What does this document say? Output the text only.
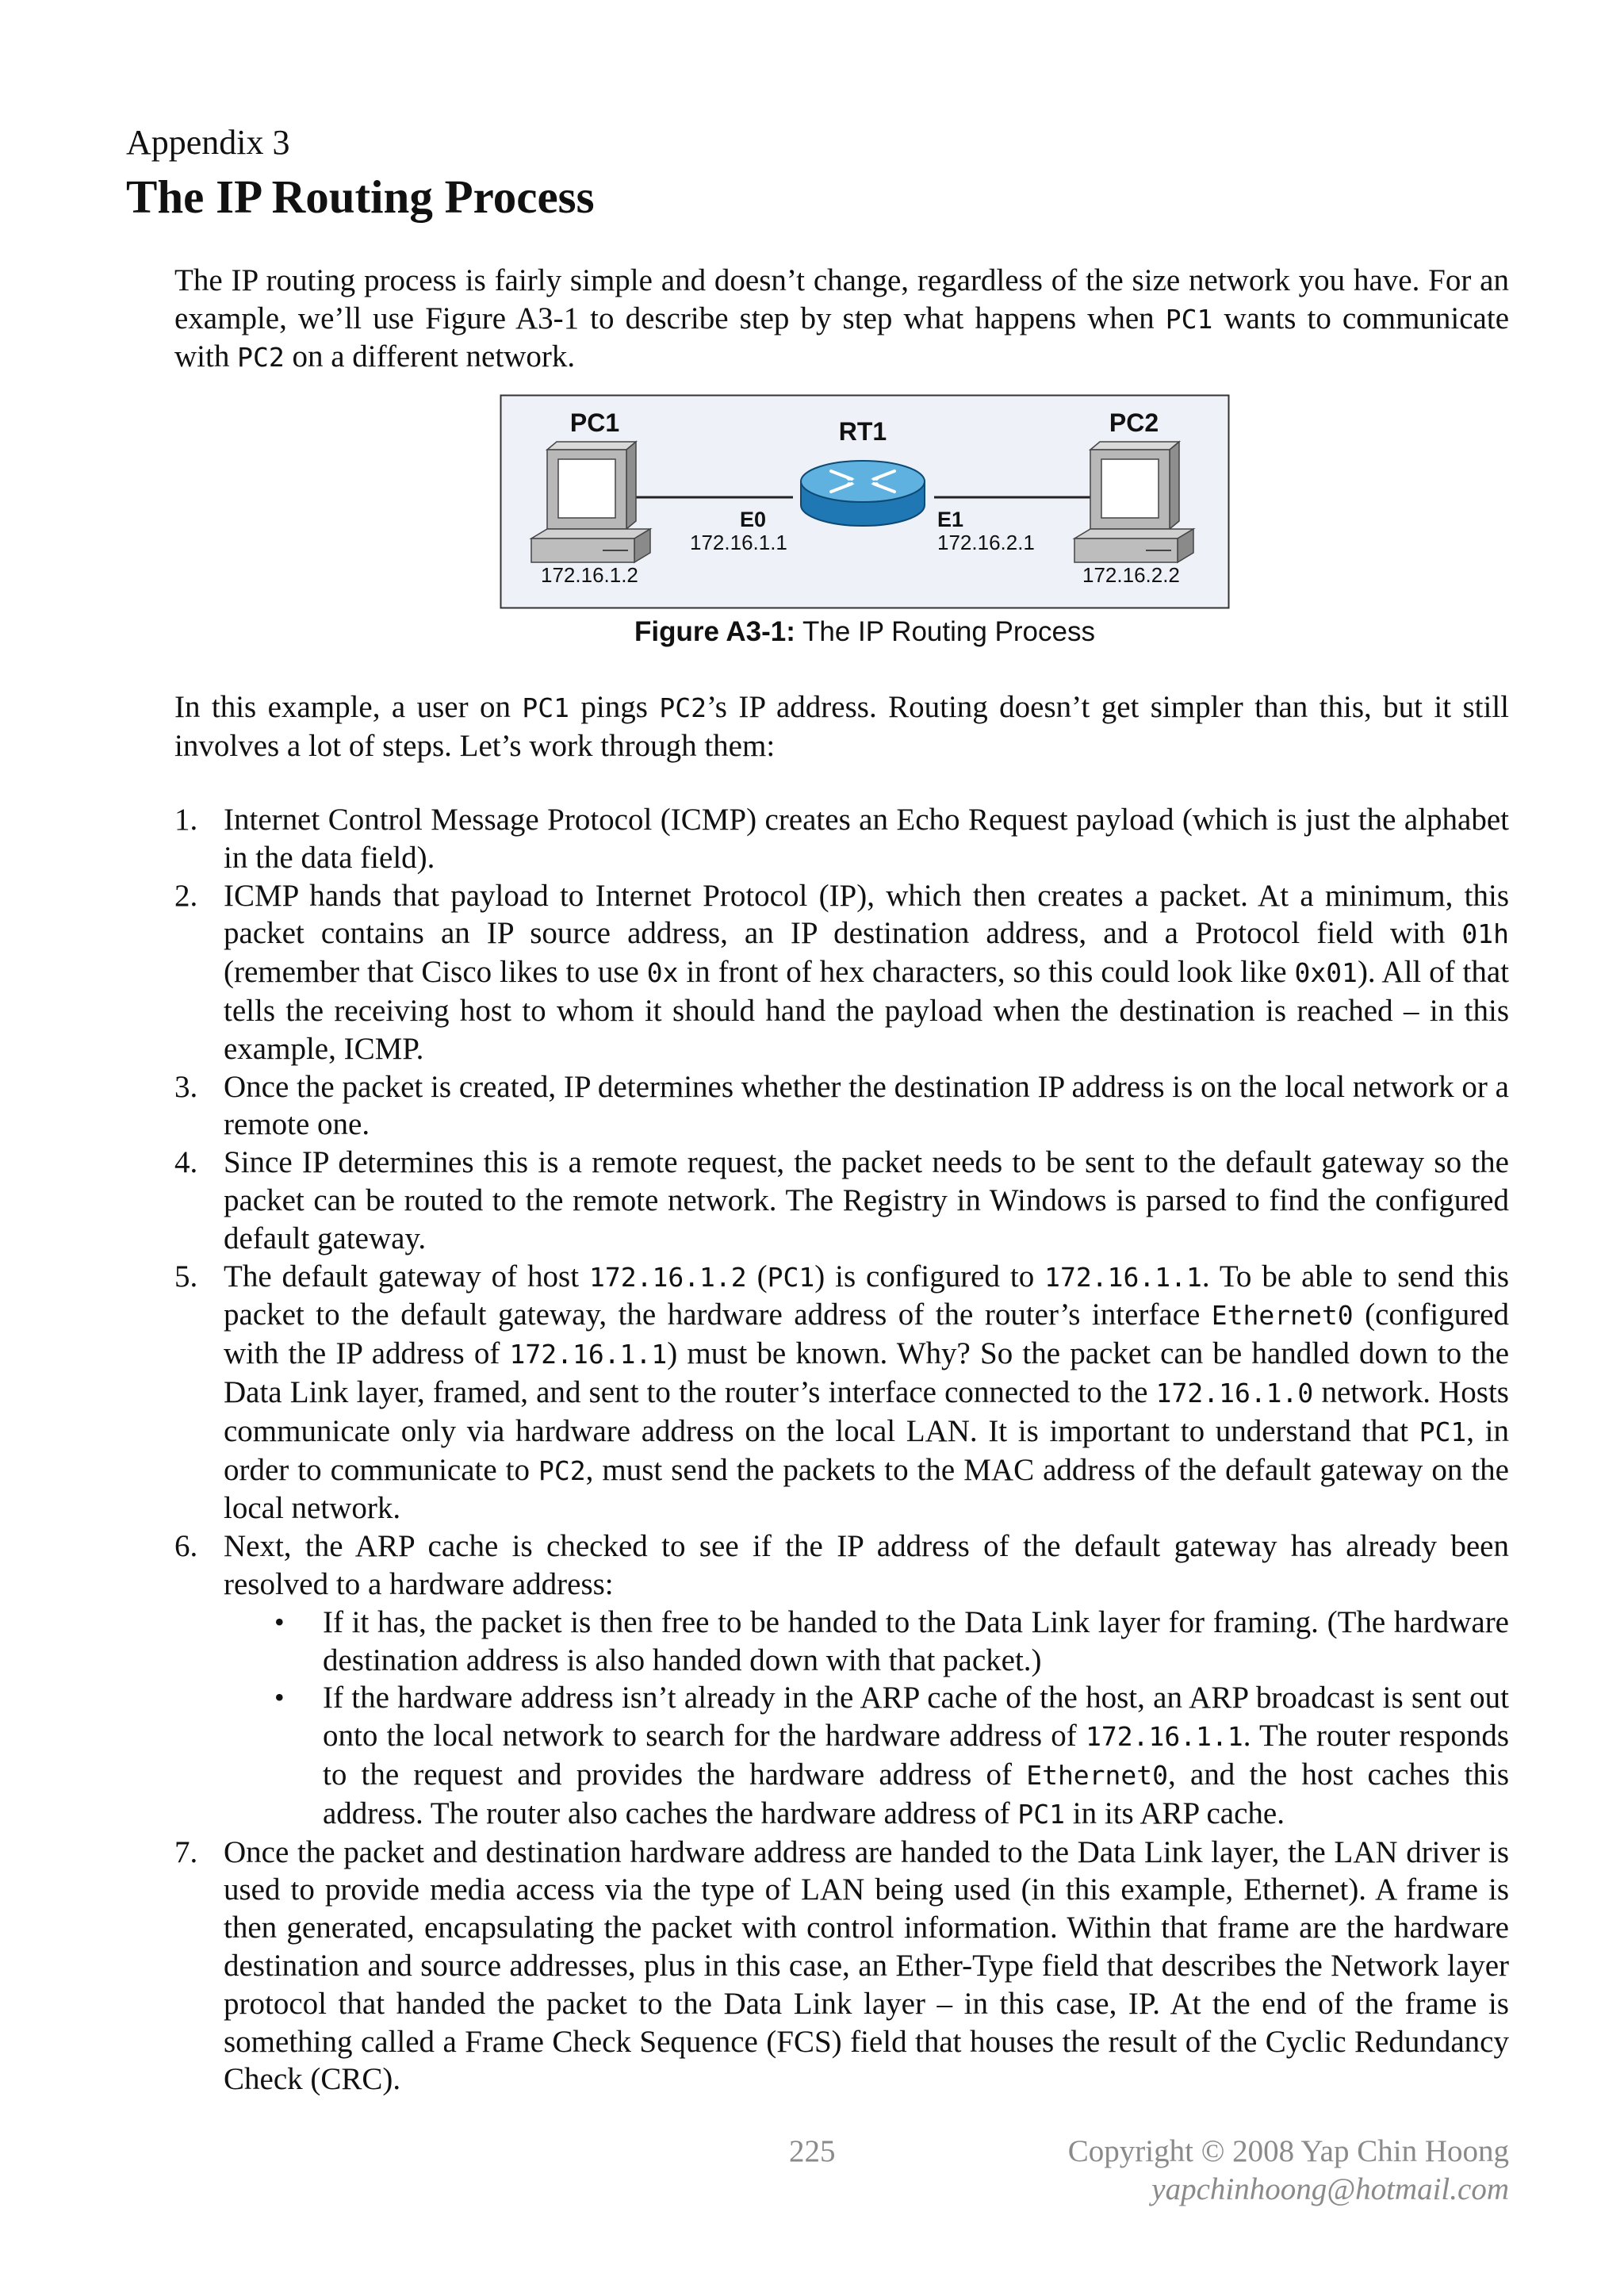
Appendix 3
The IP Routing Process

The IP routing process is fairly simple and doesn’t change, regardless of the size network you have. For an example, we’ll use Figure A3-1 to describe step by step what happens when PC1 wants to communicate with PC2 on a different network.

PC1	RT1	PC2
E0	E1
172.16.1.1	172.16.2.1
172.16.1.2	172.16.2.2
Figure A3-1: The IP Routing Process

In this example, a user on PC1 pings PC2’s IP address. Routing doesn’t get simpler than this, but it still involves a lot of steps. Let’s work through them:

1. Internet Control Message Protocol (ICMP) creates an Echo Request payload (which is just the alphabet in the data field).
2. ICMP hands that payload to Internet Protocol (IP), which then creates a packet. At a minimum, this packet contains an IP source address, an IP destination address, and a Protocol field with 01h (remember that Cisco likes to use 0x in front of hex characters, so this could look like 0x01). All of that tells the receiving host to whom it should hand the payload when the destination is reached – in this example, ICMP.
3. Once the packet is created, IP determines whether the destination IP address is on the local network or a remote one.
4. Since IP determines this is a remote request, the packet needs to be sent to the default gateway so the packet can be routed to the remote network. The Registry in Windows is parsed to find the configured default gateway.
5. The default gateway of host 172.16.1.2 (PC1) is configured to 172.16.1.1. To be able to send this packet to the default gateway, the hardware address of the router’s interface Ethernet0 (configured with the IP address of 172.16.1.1) must be known. Why? So the packet can be handled down to the Data Link layer, framed, and sent to the router’s interface connected to the 172.16.1.0 network. Hosts communicate only via hardware address on the local LAN. It is important to understand that PC1, in order to communicate to PC2, must send the packets to the MAC address of the default gateway on the local network.
6. Next, the ARP cache is checked to see if the IP address of the default gateway has already been resolved to a hardware address:
• If it has, the packet is then free to be handed to the Data Link layer for framing. (The hardware destination address is also handed down with that packet.)
• If the hardware address isn’t already in the ARP cache of the host, an ARP broadcast is sent out onto the local network to search for the hardware address of 172.16.1.1. The router responds to the request and provides the hardware address of Ethernet0, and the host caches this address. The router also caches the hardware address of PC1 in its ARP cache.
7. Once the packet and destination hardware address are handed to the Data Link layer, the LAN driver is used to provide media access via the type of LAN being used (in this example, Ethernet). A frame is then generated, encapsulating the packet with control information. Within that frame are the hardware destination and source addresses, plus in this case, an Ether-Type field that describes the Network layer protocol that handed the packet to the Data Link layer – in this case, IP. At the end of the frame is something called a Frame Check Sequence (FCS) field that houses the result of the Cyclic Redundancy Check (CRC).
225	Copyright © 2008 Yap Chin Hoong
yapchinhoong@hotmail.com
